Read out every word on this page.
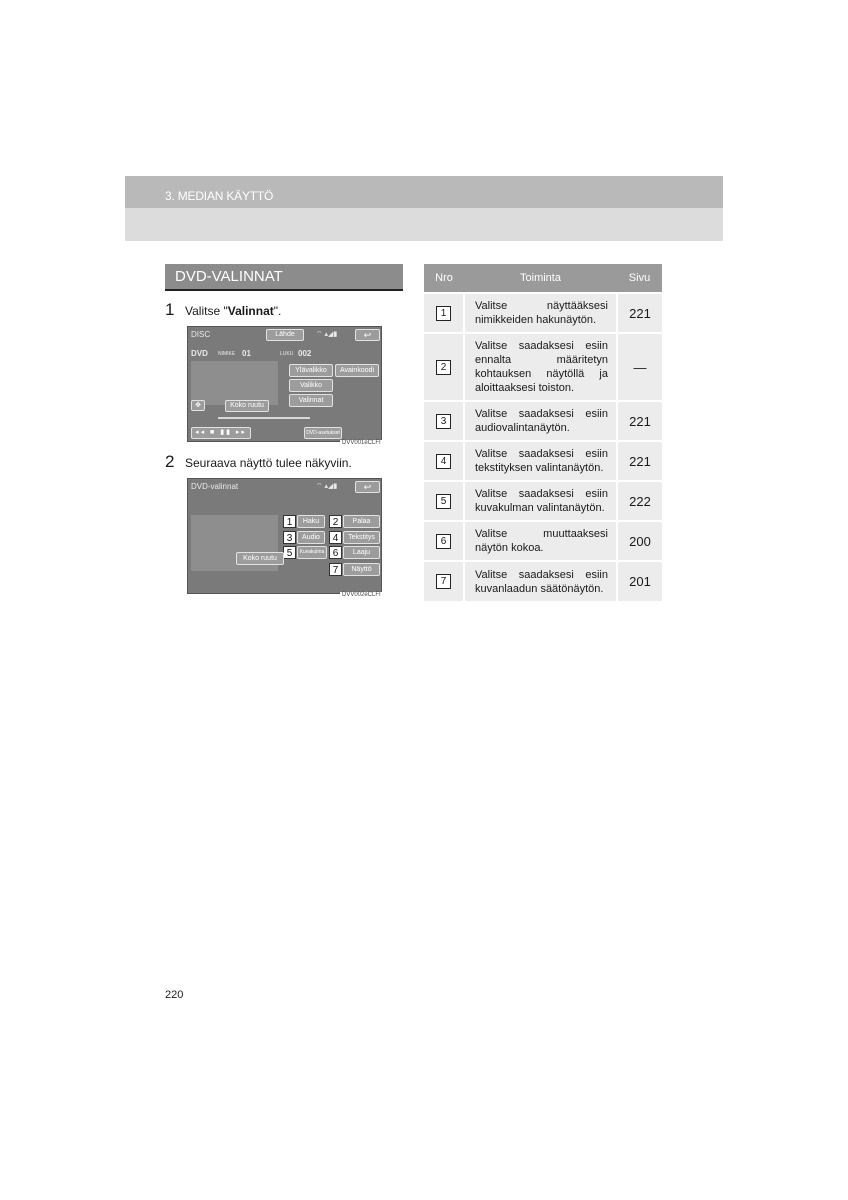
3. MEDIAN KÄYTTÖ
DVD-VALINNAT
1 Valitse "Valinnat".
DISC	Lähde	⌔ ▴◢▮	↩
DVD NIMIKE 01	LUKU 002
Ylävalikko	Avainkoodi
Valikko
Valinnat
✥	Koko ruutu
◂◂ ■ ▮▮ ▸▸	DVD-asetukset
DVV001eCLFI
2 Seuraava näyttö tulee näkyviin.
DVD-valinnat	⌔ ▴◢▮	↩
1	Haku	2	Palaa
3	Audio	4	Tekstitys
5	Kuvakulma 6	Laaju
Koko ruutu
7	Näyttö
DVV002eCLFI
Nro	Toiminta	Sivu
1	Valitse näyttääksesi nimikkeiden hakunäytön.	221
2	Valitse saadaksesi esiin ennalta määritetyn kohtauksen näytöllä ja aloittaaksesi toiston.	—
3	Valitse saadaksesi esiin audiovalintanäytön.	221
4	Valitse saadaksesi esiin tekstityksen valintanäytön.	221
5	Valitse saadaksesi esiin kuvakulman valintanäytön.	222
6	Valitse muuttaaksesi näytön kokoa.	200
7	Valitse saadaksesi esiin kuvanlaadun säätönäytön.	201
220
